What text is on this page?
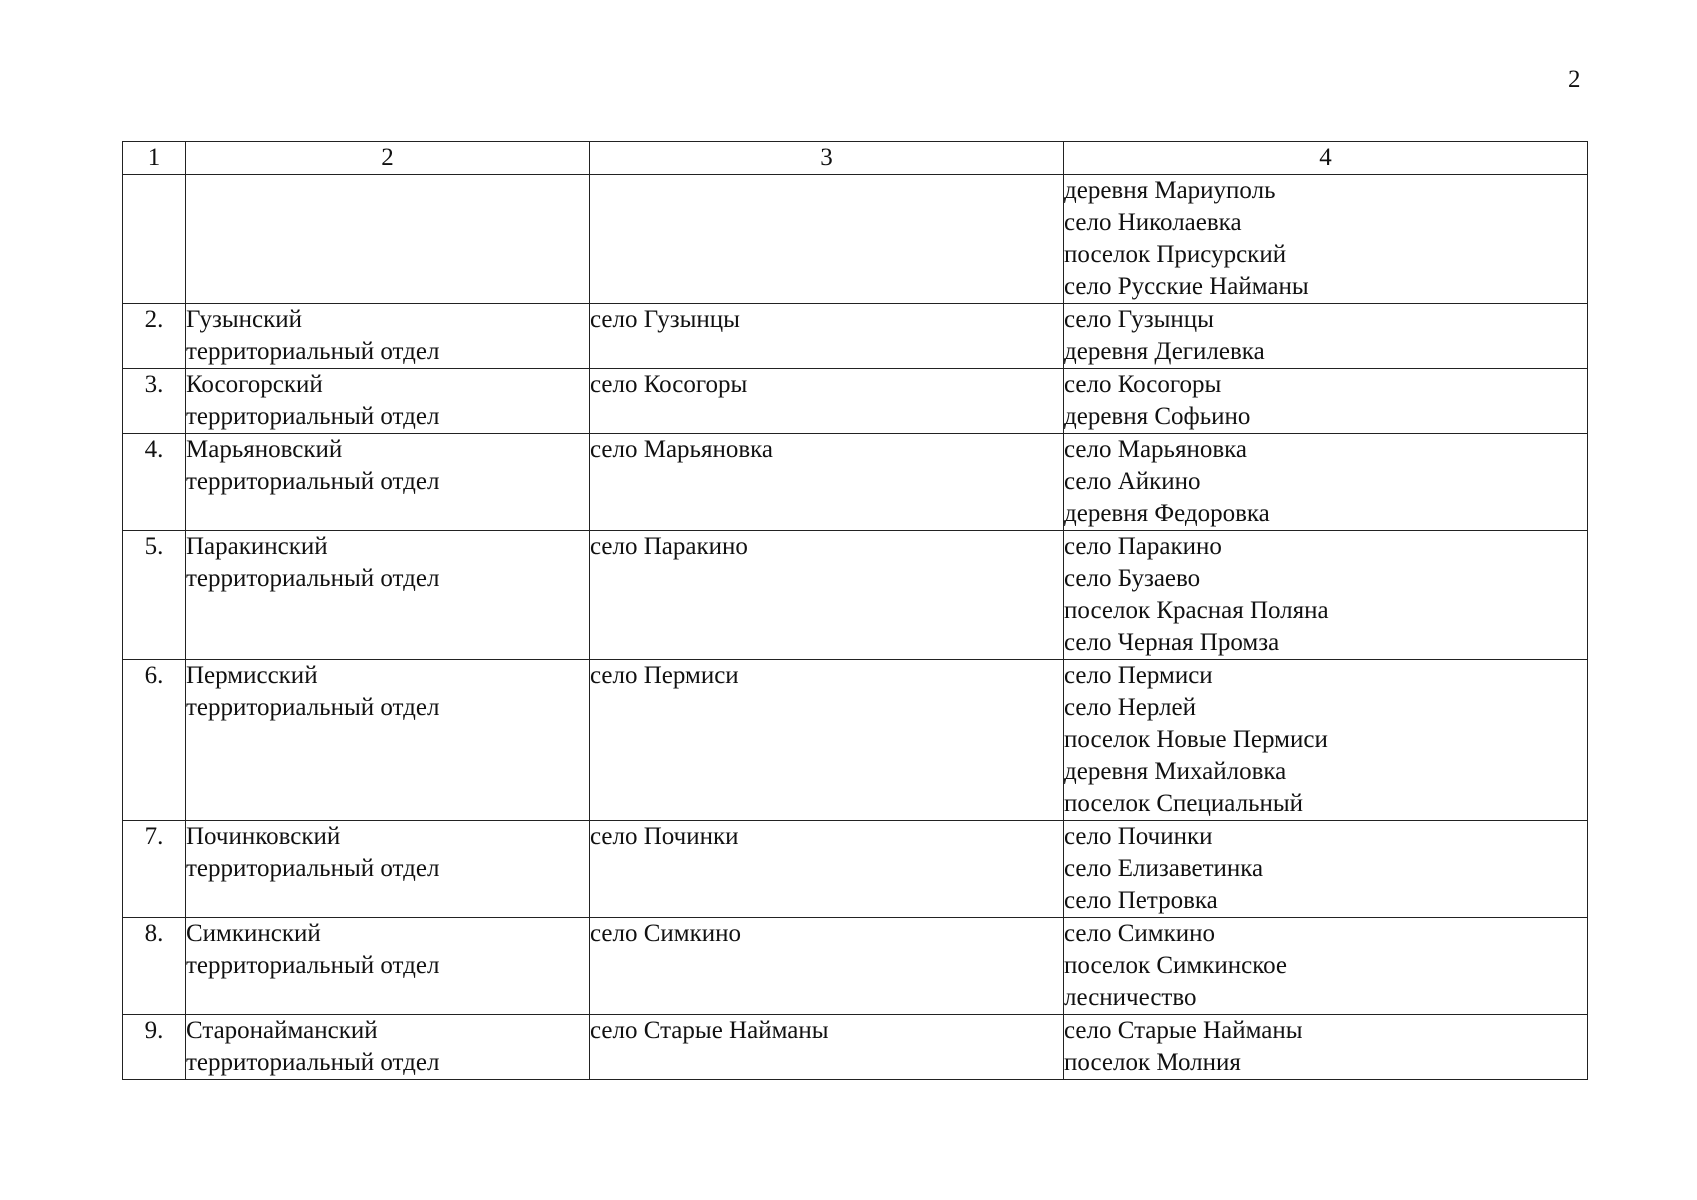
2
1	2	3	4

			деревня Мариуполь
село Николаевка
поселок Присурский
село Русские Найманы

2.	Гузынский
территориальный отдел	село Гузынцы	село Гузынцы
деревня Дегилевка

3.	Косогорский
территориальный отдел	село Косогоры	село Косогоры
деревня Софьино

4.	Марьяновский
территориальный отдел	село Марьяновка	село Марьяновка
село Айкино
деревня Федоровка

5.	Паракинский
территориальный отдел	село Паракино	село Паракино
село Бузаево
поселок Красная Поляна
село Черная Промза

6.	Пермисский
территориальный отдел	село Пермиси	село Пермиси
село Нерлей
поселок Новые Пермиси
деревня Михайловка
поселок Специальный

7.	Починковский
территориальный отдел	село Починки	село Починки
село Елизаветинка
село Петровка

8.	Симкинский
территориальный отдел	село Симкино	село Симкино
поселок Симкинское
лесничество

9.	Старонайманский
территориальный отдел	село Старые Найманы	село Старые Найманы
поселок Молния
